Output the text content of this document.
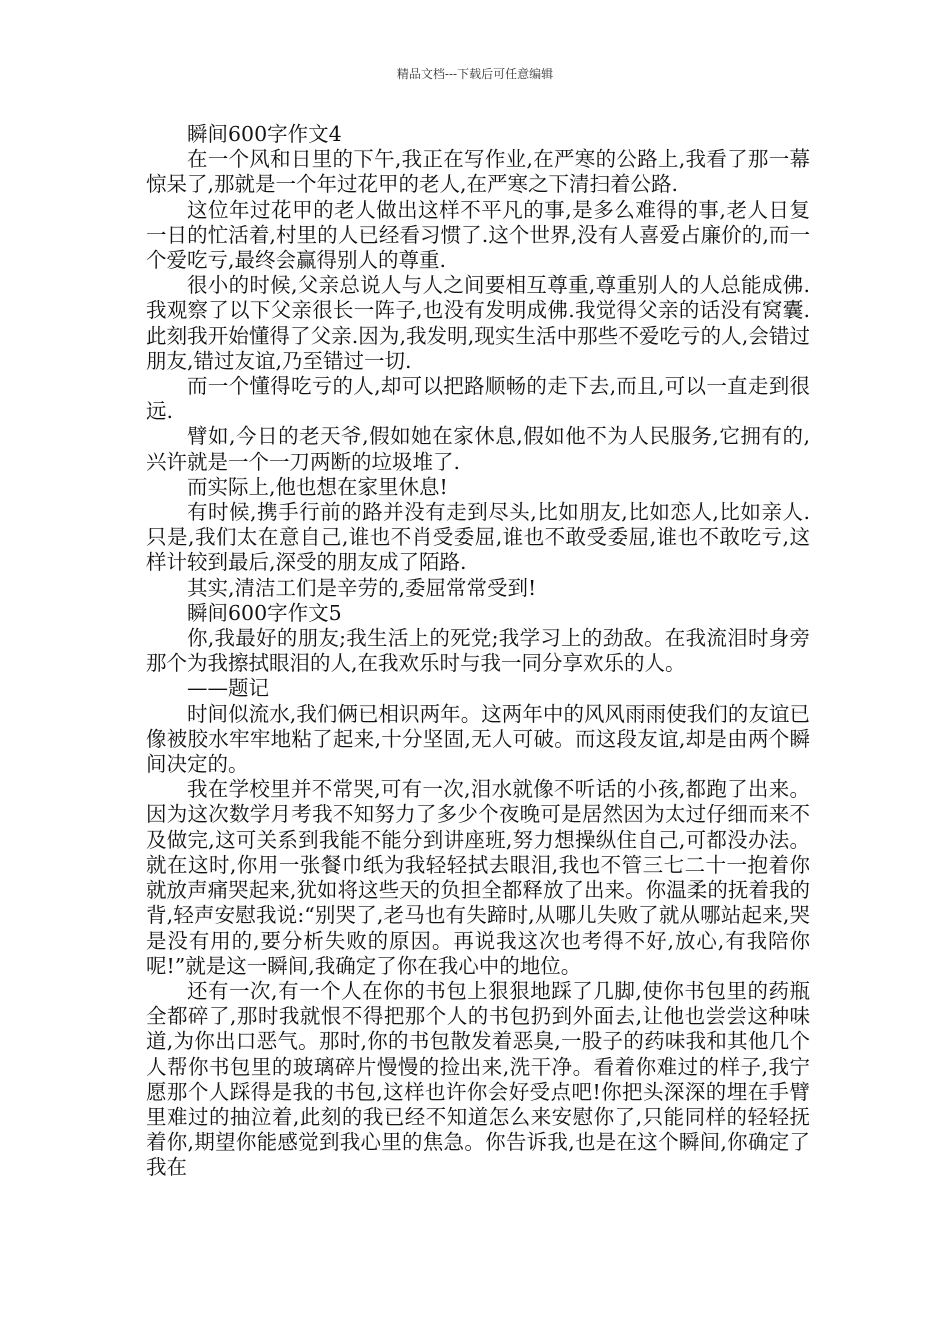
精品文档---下载后可任意编辑

瞬间600字作文4

在一个风和日里的下午,我正在写作业,在严寒的公路上,我看了那一幕惊呆了,那就是一个年过花甲的老人,在严寒之下清扫着公路.

这位年过花甲的老人做出这样不平凡的事,是多么难得的事,老人日复一日的忙活着,村里的人已经看习惯了.这个世界,没有人喜爱占廉价的,而一个爱吃亏,最终会赢得别人的尊重.

很小的时候,父亲总说人与人之间要相互尊重,尊重别人的人总能成佛.我观察了以下父亲很长一阵子,也没有发明成佛.我觉得父亲的话没有窝囊.此刻我开始懂得了父亲.因为,我发明,现实生活中那些不爱吃亏的人,会错过朋友,错过友谊,乃至错过一切.

而一个懂得吃亏的人,却可以把路顺畅的走下去,而且,可以一直走到很远.

臂如,今日的老天爷,假如她在家休息,假如他不为人民服务,它拥有的,兴许就是一个一刀两断的垃圾堆了.

而实际上,他也想在家里休息!

有时候,携手行前的路并没有走到尽头,比如朋友,比如恋人,比如亲人.只是,我们太在意自己,谁也不肖受委屈,谁也不敢受委屈,谁也不敢吃亏,这样计较到最后,深受的朋友成了陌路.

其实,清洁工们是辛劳的,委屈常常受到!

瞬间600字作文5

你,我最好的朋友;我生活上的死党;我学习上的劲敌。在我流泪时身旁那个为我擦拭眼泪的人,在我欢乐时与我一同分享欢乐的人。

——题记

时间似流水,我们俩已相识两年。这两年中的风风雨雨使我们的友谊已像被胶水牢牢地粘了起来,十分坚固,无人可破。而这段友谊,却是由两个瞬间决定的。

我在学校里并不常哭,可有一次,泪水就像不听话的小孩,都跑了出来。因为这次数学月考我不知努力了多少个夜晚可是居然因为太过仔细而来不及做完,这可关系到我能不能分到讲座班,努力想操纵住自己,可都没办法。就在这时,你用一张餐巾纸为我轻轻拭去眼泪,我也不管三七二十一抱着你就放声痛哭起来,犹如将这些天的负担全都释放了出来。你温柔的抚着我的背,轻声安慰我说:“别哭了,老马也有失蹄时,从哪儿失败了就从哪站起来,哭是没有用的,要分析失败的原因。再说我这次也考得不好,放心,有我陪你呢!”就是这一瞬间,我确定了你在我心中的地位。

还有一次,有一个人在你的书包上狠狠地踩了几脚,使你书包里的药瓶全都碎了,那时我就恨不得把那个人的书包扔到外面去,让他也尝尝这种味道,为你出口恶气。那时,你的书包散发着恶臭,一股子的药味我和其他几个人帮你书包里的玻璃碎片慢慢的捡出来,洗干净。看着你难过的样子,我宁愿那个人踩得是我的书包,这样也许你会好受点吧!你把头深深的埋在手臂里难过的抽泣着,此刻的我已经不知道怎么来安慰你了,只能同样的轻轻抚着你,期望你能感觉到我心里的焦急。你告诉我,也是在这个瞬间,你确定了我在
